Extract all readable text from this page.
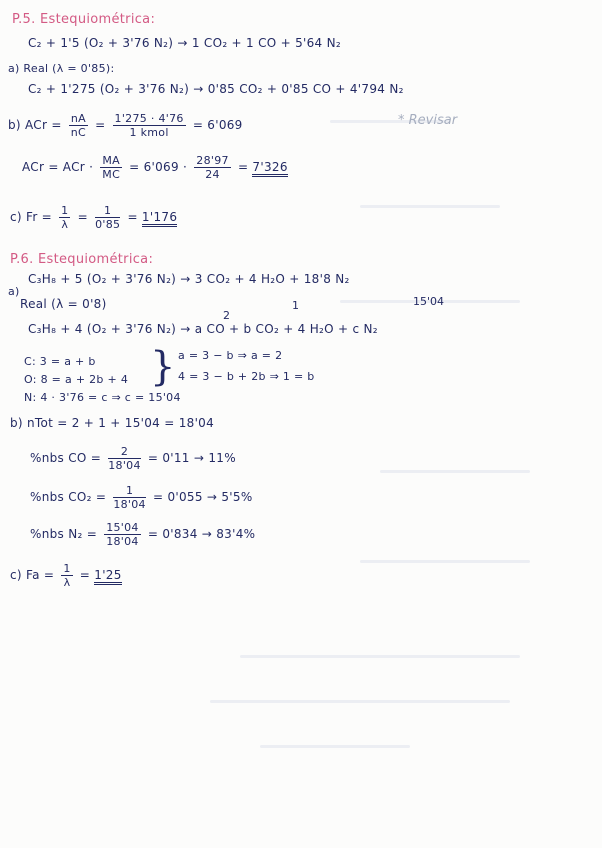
P.5. Estequiométrica:
C₂ + 1'5 (O₂ + 3'76 N₂) → 1 CO₂ + 1 CO + 5'64 N₂
a) Real (λ = 0'85):
C₂ + 1'275 (O₂ + 3'76 N₂) → 0'85 CO₂ + 0'85 CO + 4'794 N₂
b) ACr = $\frac{nA}{nC} = \frac{1'275 \cdot 4'76}{\text{1 kmol}} = 6'069$	* Revisar
ACr = ACr · $\frac{MA}{MC} = 6'069 \cdot \frac{28'97}{24} = 7'326$
c) $Fr = \frac{1}{\lambda} = \frac{1}{0'85} = 1'176$
P.6. Estequiométrica:
C₃H₈ + 5 (O₂ + 3'76 N₂) → 3 CO₂ + 4 H₂O + 18'8 N₂
a)
Real (λ = 0'8)
2
1	15'04
C₃H₈ + 4 (O₂ + 3'76 N₂) → a CO + b CO₂ + 4 H₂O + c N₂
C: 3 = a + b
O: 8 = a + 2b + 4
N: 4 · 3'76 = c ⇒ c = 15'04
} a = 3 − b ⇒ a = 2
4 = 3 − b + 2b ⇒ 1 = b
b) nTot = 2 + 1 + 15'04 = 18'04
%nbs CO = $\frac{2}{18'04} = 0'11 \to 11\%$
%nbs $CO_2 = \frac{1}{18'04} = 0'055 \to 5'5\%$
%nbs $N_2 = \frac{15'04}{18'04} = 0'834 \to 83'4\%$
c) $Fa = \frac{1}{\lambda} = 1'25$
